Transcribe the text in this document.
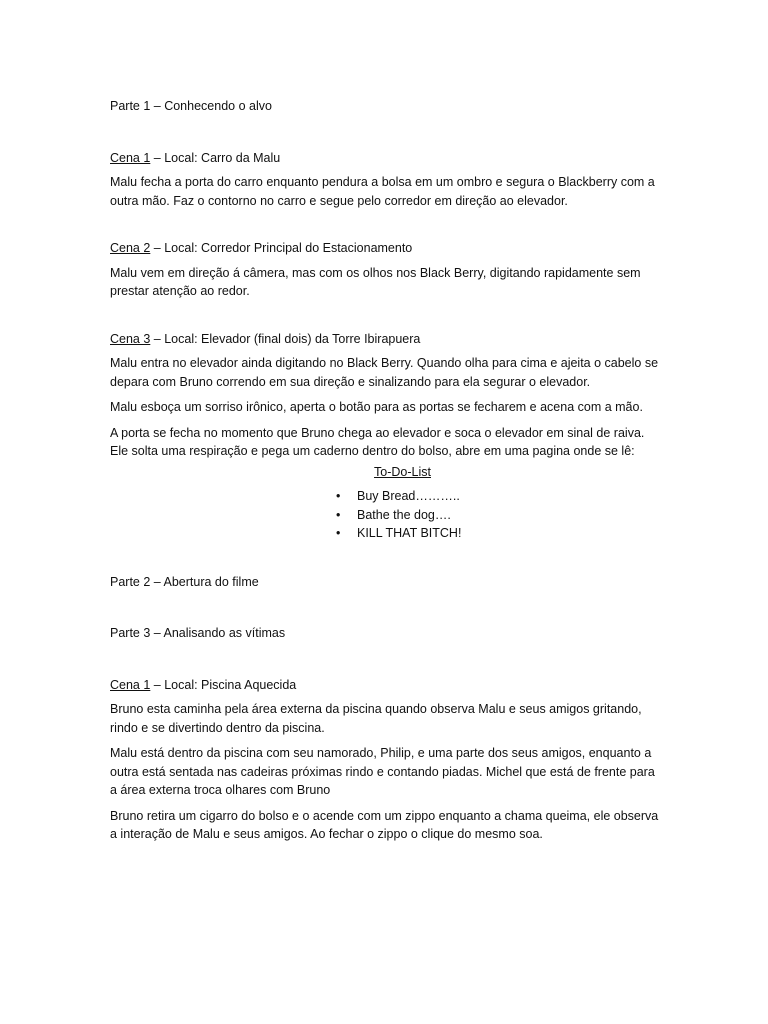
Parte 1 – Conhecendo o alvo

Cena 1 – Local: Carro da Malu

Malu fecha a porta do carro enquanto pendura a bolsa em um ombro e segura o Blackberry com a outra mão. Faz o contorno no carro e segue pelo corredor em direção ao elevador.

Cena 2 – Local: Corredor Principal do Estacionamento

Malu vem em direção á câmera, mas com os olhos nos Black Berry, digitando rapidamente sem prestar atenção ao redor.

Cena 3 – Local: Elevador (final dois) da Torre Ibirapuera

Malu entra no elevador ainda digitando no Black Berry. Quando olha para cima e ajeita o cabelo se depara com Bruno correndo em sua direção e sinalizando para ela segurar o elevador.

Malu esboça um sorriso irônico, aperta o botão para as portas se fecharem e acena com a mão.

A porta se fecha no momento que Bruno chega ao elevador e soca o elevador em sinal de raiva. Ele solta uma respiração e pega um caderno dentro do bolso, abre em uma pagina onde se lê:

To-Do-List

• Buy Bread………..
• Bathe the dog….
• KILL THAT BITCH!

Parte 2 – Abertura do filme

Parte 3 – Analisando as vítimas

Cena 1 – Local: Piscina Aquecida

Bruno esta caminha pela área externa da piscina quando observa Malu e seus amigos gritando, rindo e se divertindo dentro da piscina.

Malu está dentro da piscina com seu namorado, Philip, e uma parte dos seus amigos, enquanto a outra está sentada nas cadeiras próximas rindo e contando piadas. Michel que está de frente para a área externa troca olhares com Bruno

Bruno retira um cigarro do bolso e o acende com um zippo enquanto a chama queima, ele observa a interação de Malu e seus amigos. Ao fechar o zippo o clique do mesmo soa.
